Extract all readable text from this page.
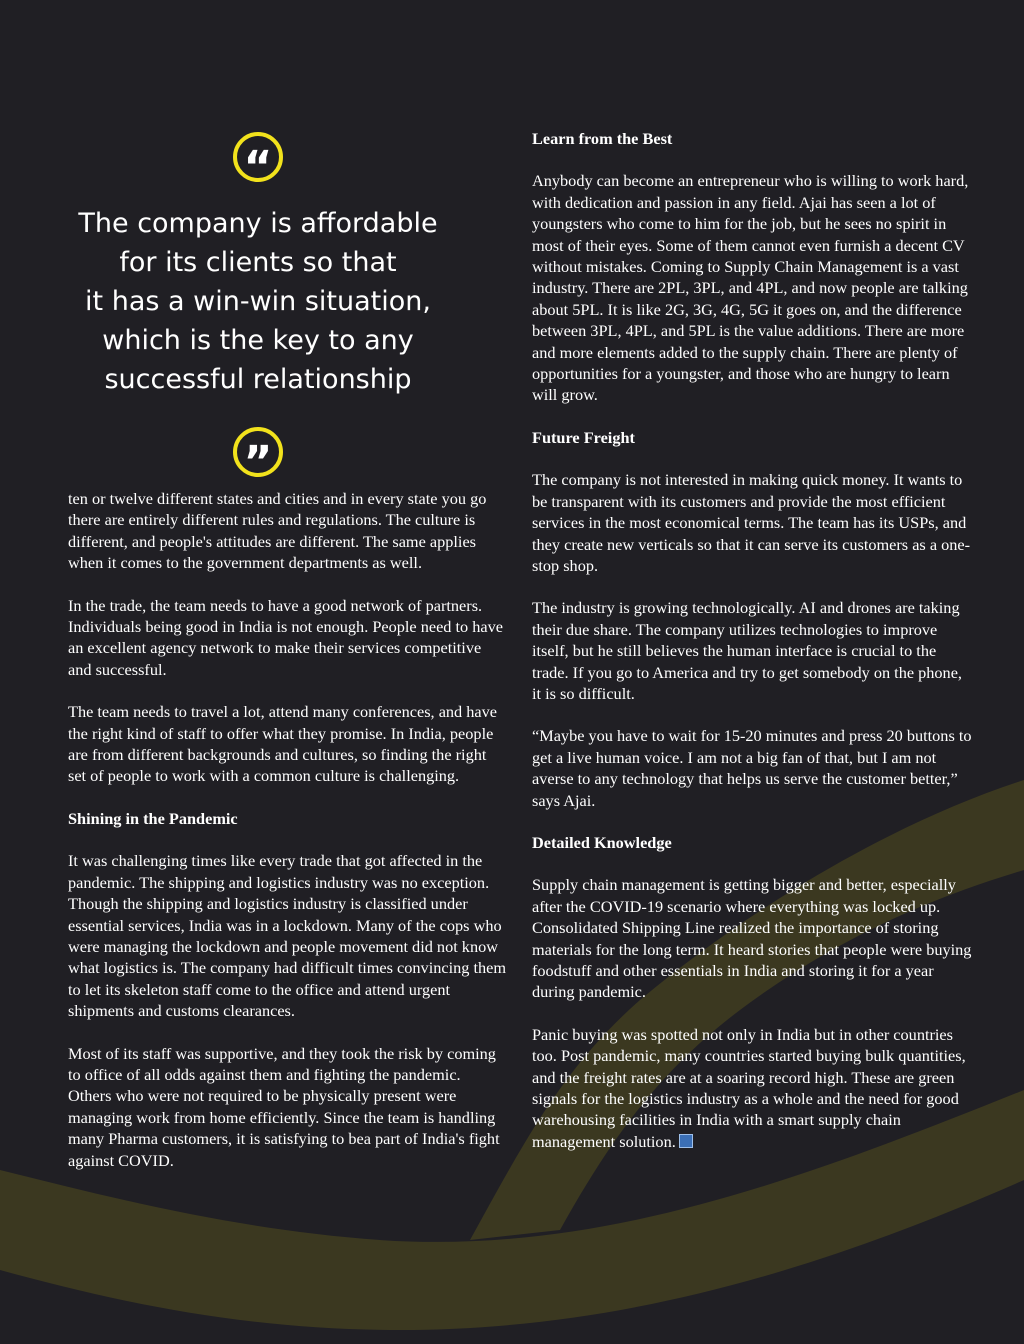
“
The company is affordable
for its clients so that
it has a win-win situation,
which is the key to any
successful relationship
”

ten or twelve different states and cities and in every state you go there are entirely different rules and regulations. The culture is different, and people's attitudes are different. The same applies when it comes to the government departments as well.

In the trade, the team needs to have a good network of partners. Individuals being good in India is not enough. People need to have an excellent agency network to make their services competitive and successful.

The team needs to travel a lot, attend many conferences, and have the right kind of staff to offer what they promise. In India, people are from different backgrounds and cultures, so finding the right set of people to work with a common culture is challenging.

Shining in the Pandemic

It was challenging times like every trade that got affected in the pandemic. The shipping and logistics industry was no exception. Though the shipping and logistics industry is classified under essential services, India was in a lockdown. Many of the cops who were managing the lockdown and people movement did not know what logistics is. The company had difficult times convincing them to let its skeleton staff come to the office and attend urgent shipments and customs clearances.

Most of its staff was supportive, and they took the risk by coming to office of all odds against them and fighting the pandemic. Others who were not required to be physically present were managing work from home efficiently. Since the team is handling many Pharma customers, it is satisfying to bea part of India's fight against COVID.

Learn from the Best

Anybody can become an entrepreneur who is willing to work hard, with dedication and passion in any field. Ajai has seen a lot of youngsters who come to him for the job, but he sees no spirit in most of their eyes. Some of them cannot even furnish a decent CV without mistakes. Coming to Supply Chain Management is a vast industry. There are 2PL, 3PL, and 4PL, and now people are talking about 5PL. It is like 2G, 3G, 4G, 5G it goes on, and the difference between 3PL, 4PL, and 5PL is the value additions. There are more and more elements added to the supply chain. There are plenty of opportunities for a youngster, and those who are hungry to learn will grow.

Future Freight

The company is not interested in making quick money. It wants to be transparent with its customers and provide the most efficient services in the most economical terms. The team has its USPs, and they create new verticals so that it can serve its customers as a one-stop shop.

The industry is growing technologically. AI and drones are taking their due share. The company utilizes technologies to improve itself, but he still believes the human interface is crucial to the trade. If you go to America and try to get somebody on the phone, it is so difficult.

“Maybe you have to wait for 15-20 minutes and press 20 buttons to get a live human voice. I am not a big fan of that, but I am not averse to any technology that helps us serve the customer better,” says Ajai.

Detailed Knowledge

Supply chain management is getting bigger and better, especially after the COVID-19 scenario where everything was locked up. Consolidated Shipping Line realized the importance of storing materials for the long term. It heard stories that people were buying foodstuff and other essentials in India and storing it for a year during pandemic.

Panic buying was spotted not only in India but in other countries too. Post pandemic, many countries started buying bulk quantities, and the freight rates are at a soaring record high. These are green signals for the logistics industry as a whole and the need for good warehousing facilities in India with a smart supply chain management solution.
